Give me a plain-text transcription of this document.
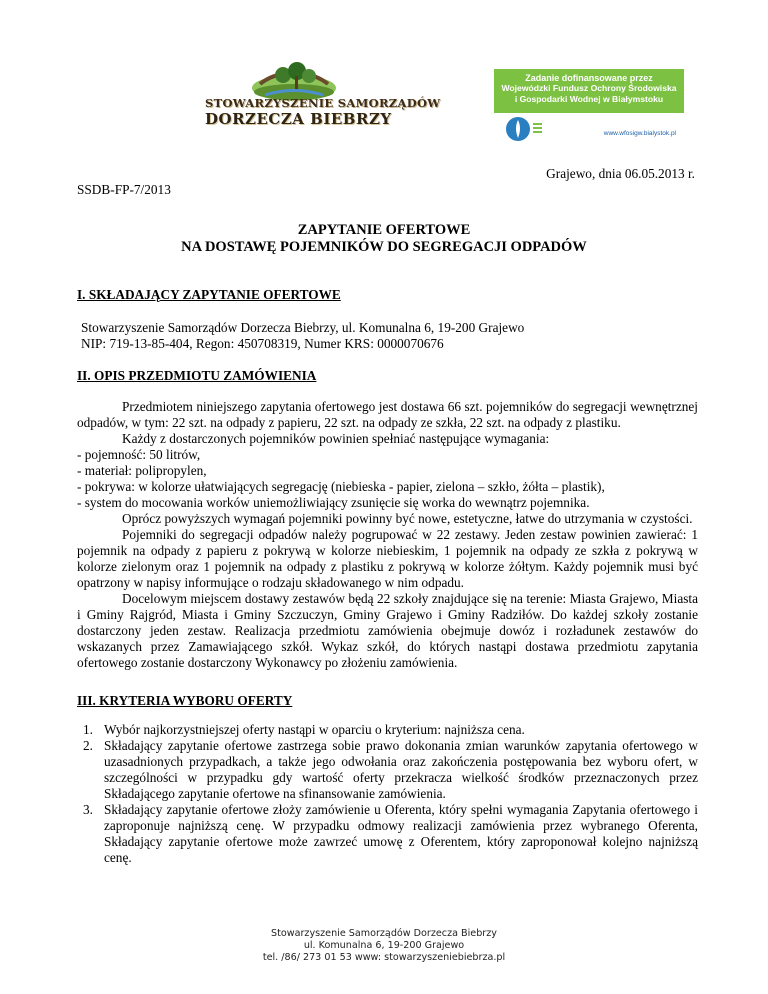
STOWARZYSZENIE SAMORZĄDÓW
DORZECZA BIEBRZY
Zadanie dofinansowane przez
Wojewódzki Fundusz Ochrony Środowiska
i Gospodarki Wodnej w Białymstoku
www.wfosigw.bialystok.pl

Grajewo, dnia 06.05.2013 r.

SSDB-FP-7/2013

ZAPYTANIE OFERTOWE
NA DOSTAWĘ POJEMNIKÓW DO SEGREGACJI ODPADÓW

I. SKŁADAJĄCY ZAPYTANIE OFERTOWE

Stowarzyszenie Samorządów Dorzecza Biebrzy, ul. Komunalna 6, 19-200 Grajewo

NIP: 719-13-85-404, Regon: 450708319, Numer KRS: 0000070676

II. OPIS PRZEDMIOTU ZAMÓWIENIA

Przedmiotem niniejszego zapytania ofertowego jest dostawa 66 szt. pojemników do segregacji wewnętrznej odpadów, w tym: 22 szt. na odpady z papieru, 22 szt. na odpady ze szkła, 22 szt. na odpady z plastiku.

Każdy z dostarczonych pojemników powinien spełniać następujące wymagania:

- pojemność: 50 litrów,

- materiał: polipropylen,

- pokrywa: w kolorze ułatwiających segregację (niebieska - papier, zielona – szkło, żółta – plastik),

- system do mocowania worków uniemożliwiający zsunięcie się worka do wewnątrz pojemnika.

Oprócz powyższych wymagań pojemniki powinny być nowe, estetyczne, łatwe do utrzymania w czystości.

Pojemniki do segregacji odpadów należy pogrupować w 22 zestawy. Jeden zestaw powinien zawierać: 1 pojemnik na odpady z papieru z pokrywą w kolorze niebieskim, 1 pojemnik na odpady ze szkła z pokrywą w kolorze zielonym oraz 1 pojemnik na odpady z plastiku z pokrywą w kolorze żółtym. Każdy pojemnik musi być opatrzony w napisy informujące o rodzaju składowanego w nim odpadu.

Docelowym miejscem dostawy zestawów będą 22 szkoły znajdujące się na terenie: Miasta Grajewo, Miasta i Gminy Rajgród, Miasta i Gminy Szczuczyn, Gminy Grajewo i Gminy Radziłów. Do każdej szkoły zostanie dostarczony jeden zestaw. Realizacja przedmiotu zamówienia obejmuje dowóz i rozładunek zestawów do wskazanych przez Zamawiającego szkół. Wykaz szkół, do których nastąpi dostawa przedmiotu zapytania ofertowego zostanie dostarczony Wykonawcy po złożeniu zamówienia.

III. KRYTERIA WYBORU OFERTY

1. Wybór najkorzystniejszej oferty nastąpi w oparciu o kryterium: najniższa cena.
2. Składający zapytanie ofertowe zastrzega sobie prawo dokonania zmian warunków zapytania ofertowego w uzasadnionych przypadkach, a także jego odwołania oraz zakończenia postępowania bez wyboru ofert, w szczególności w przypadku gdy wartość oferty przekracza wielkość środków przeznaczonych przez Składającego zapytanie ofertowe na sfinansowanie zamówienia.
3. Składający zapytanie ofertowe złoży zamówienie u Oferenta, który spełni wymagania Zapytania ofertowego i zaproponuje najniższą cenę. W przypadku odmowy realizacji zamówienia przez wybranego Oferenta, Składający zapytanie ofertowe może zawrzeć umowę z Oferentem, który zaproponował kolejno najniższą cenę.
Stowarzyszenie Samorządów Dorzecza Biebrzy
ul. Komunalna 6, 19-200 Grajewo
tel. /86/ 273 01 53 www: stowarzyszeniebiebrza.pl
